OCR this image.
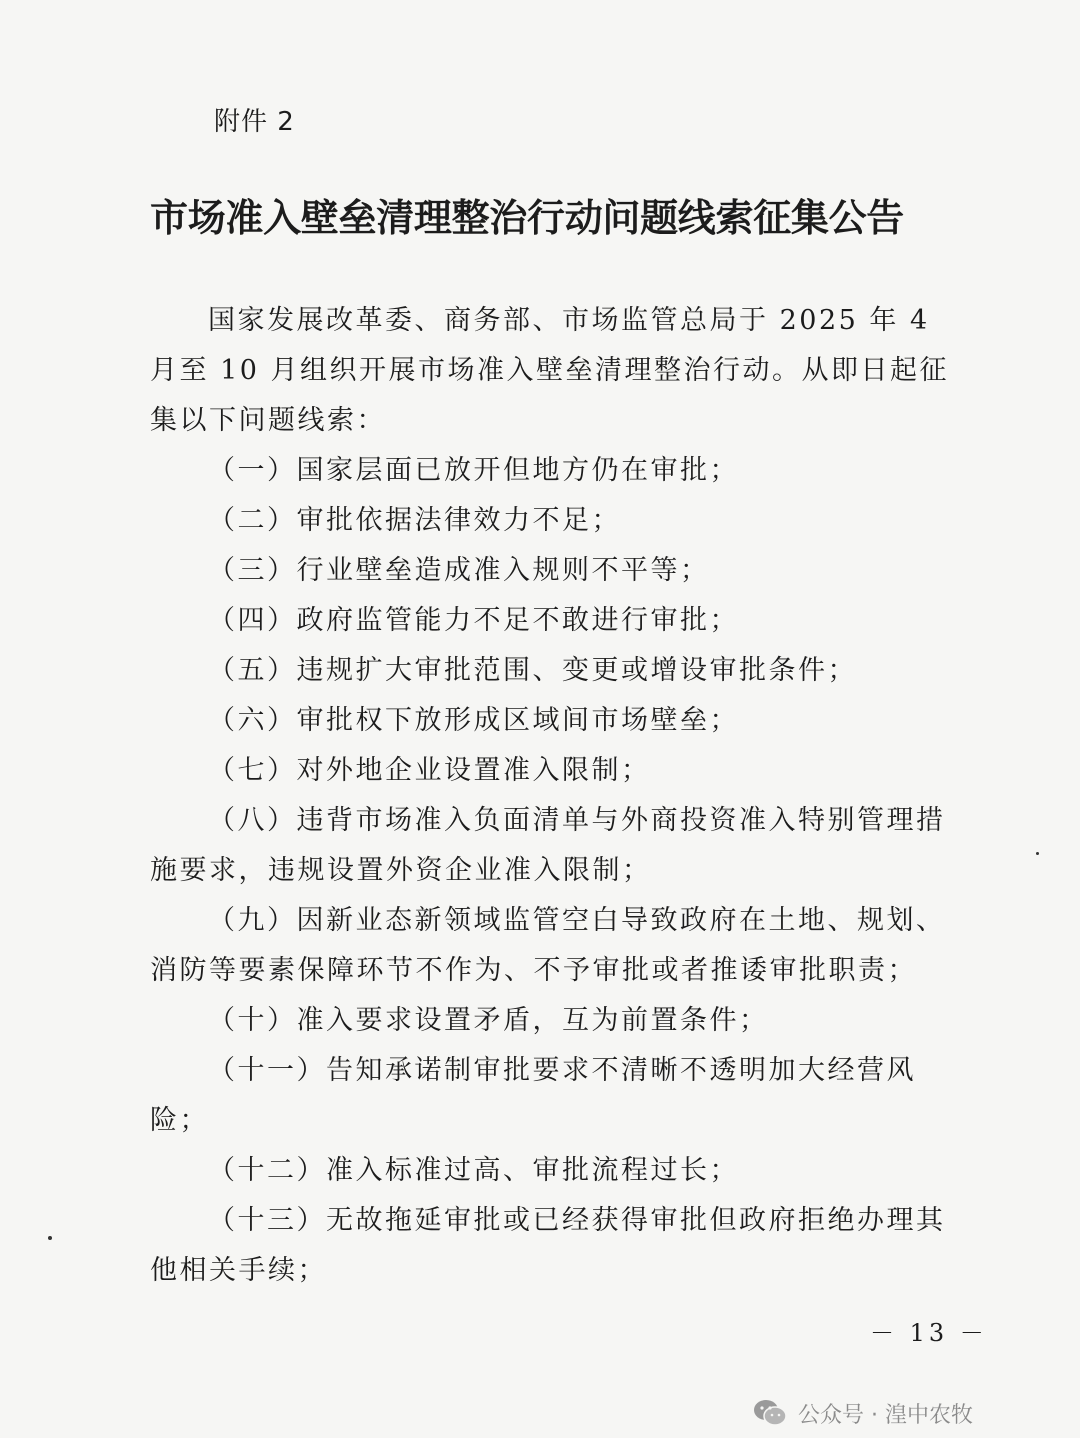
附件 2
市场准入壁垒清理整治行动问题线索征集公告
国家发展改革委、商务部、市场监管总局于 2025 年 4 月至 10 月组织开展市场准入壁垒清理整治行动。从即日起征集以下问题线索：
（一）国家层面已放开但地方仍在审批；
（二）审批依据法律效力不足；
（三）行业壁垒造成准入规则不平等；
（四）政府监管能力不足不敢进行审批；
（五）违规扩大审批范围、变更或增设审批条件；
（六）审批权下放形成区域间市场壁垒；
（七）对外地企业设置准入限制；
（八）违背市场准入负面清单与外商投资准入特别管理措施要求，违规设置外资企业准入限制；
（九）因新业态新领域监管空白导致政府在土地、规划、消防等要素保障环节不作为、不予审批或者推诿审批职责；
（十）准入要求设置矛盾，互为前置条件；
（十一）告知承诺制审批要求不清晰不透明加大经营风险；
（十二）准入标准过高、审批流程过长；
（十三）无故拖延审批或已经获得审批但政府拒绝办理其他相关手续；
－ 13 －
公众号 · 湟中农牧
